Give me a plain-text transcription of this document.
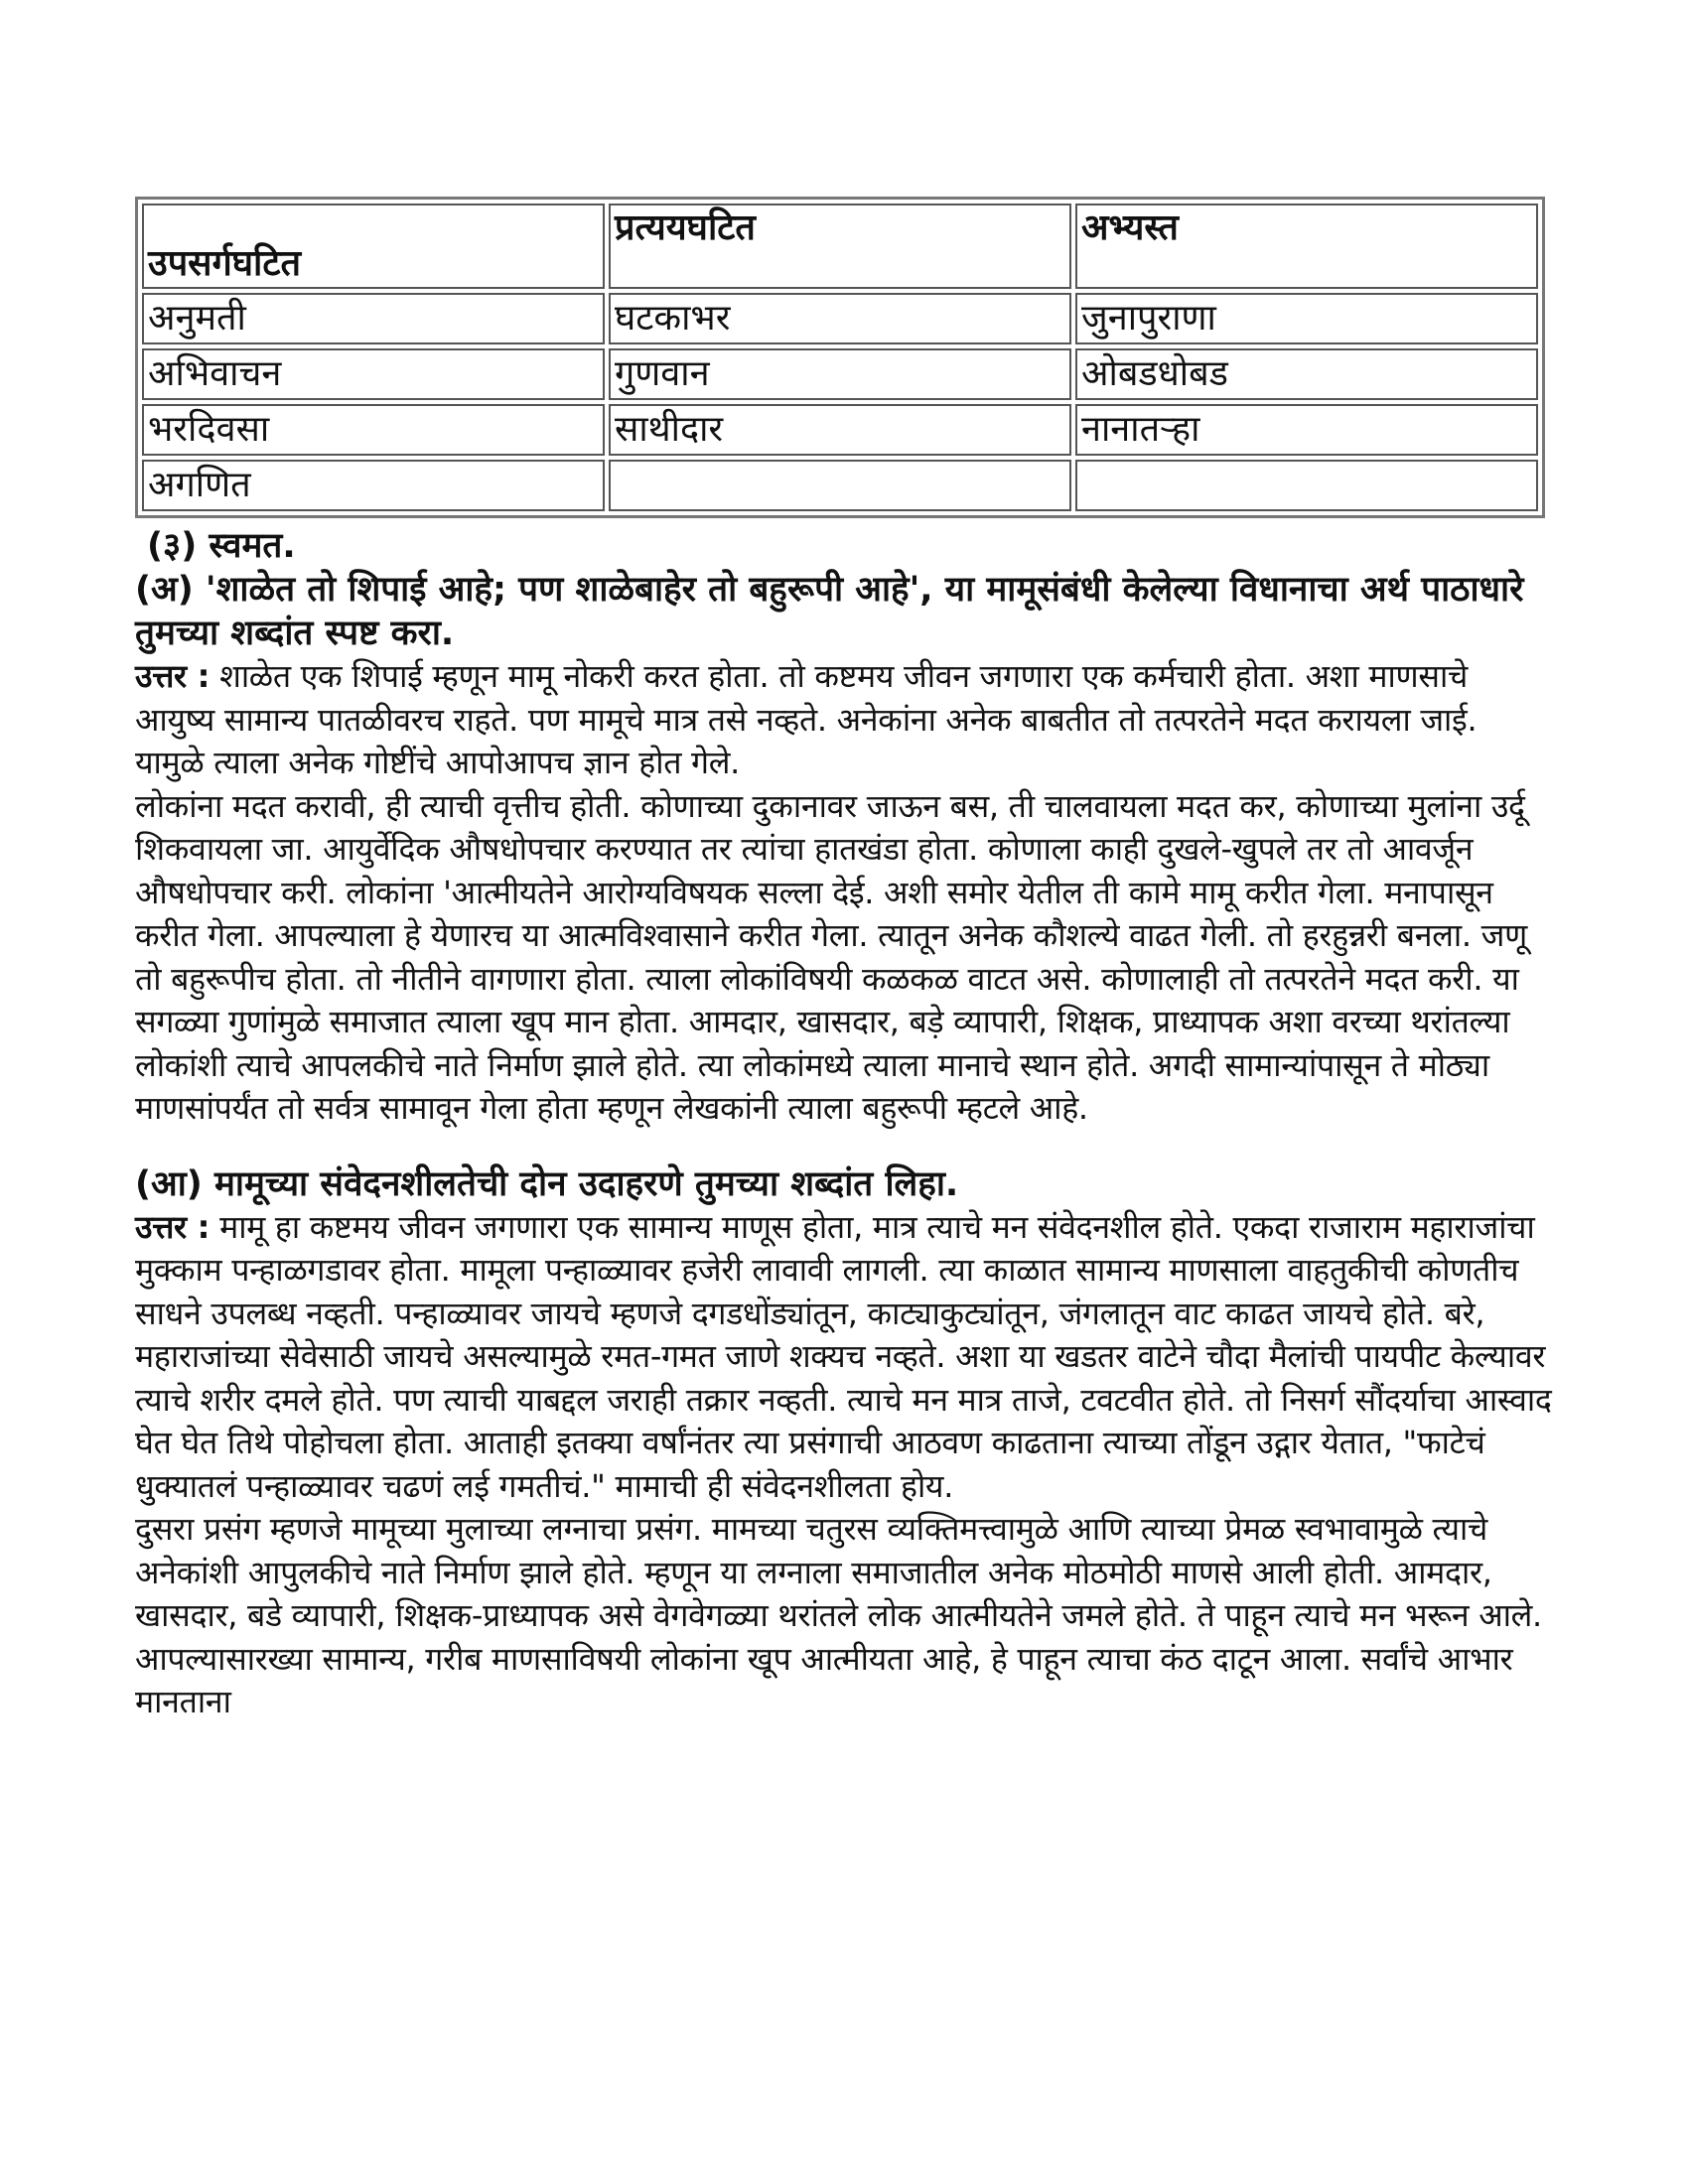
उपसर्गघटित	प्रत्ययघटित	अभ्यस्त
अनुमती	घटकाभर	जुनापुराणा
अभिवाचन	गुणवान	ओबडधोबड
भरदिवसा	साथीदार	नानातऱ्हा
अगणित		

(३) स्वमत.

(अ) 'शाळेत तो शिपाई आहे; पण शाळेबाहेर तो बहुरूपी आहे', या मामूसंबंधी केलेल्या विधानाचा अर्थ पाठाधारे तुमच्या शब्दांत स्पष्ट करा.

उत्तर : शाळेत एक शिपाई म्हणून मामू नोकरी करत होता. तो कष्टमय जीवन जगणारा एक कर्मचारी होता. अशा माणसाचे आयुष्य सामान्य पातळीवरच राहते. पण मामूचे मात्र तसे नव्हते. अनेकांना अनेक बाबतीत तो तत्परतेने मदत करायला जाई. यामुळे त्याला अनेक गोष्टींचे आपोआपच ज्ञान होत गेले.

लोकांना मदत करावी, ही त्याची वृत्तीच होती. कोणाच्या दुकानावर जाऊन बस, ती चालवायला मदत कर, कोणाच्या मुलांना उर्दू शिकवायला जा. आयुर्वेदिक औषधोपचार करण्यात तर त्यांचा हातखंडा होता. कोणाला काही दुखले-खुपले तर तो आवर्जून औषधोपचार करी. लोकांना 'आत्मीयतेने आरोग्यविषयक सल्ला देई. अशी समोर येतील ती कामे मामू करीत गेला. मनापासून करीत गेला. आपल्याला हे येणारच या आत्मविश्वासाने करीत गेला. त्यातून अनेक कौशल्ये वाढत गेली. तो हरहुन्नरी बनला. जणू तो बहुरूपीच होता. तो नीतीने वागणारा होता. त्याला लोकांविषयी कळकळ वाटत असे. कोणालाही तो तत्परतेने मदत करी. या सगळ्या गुणांमुळे समाजात त्याला खूप मान होता. आमदार, खासदार, बड़े व्यापारी, शिक्षक, प्राध्यापक अशा वरच्या थरांतल्या लोकांशी त्याचे आपलकीचे नाते निर्माण झाले होते. त्या लोकांमध्ये त्याला मानाचे स्थान होते. अगदी सामान्यांपासून ते मोठ्या माणसांपर्यंत तो सर्वत्र सामावून गेला होता म्हणून लेखकांनी त्याला बहुरूपी म्हटले आहे.

(आ) मामूच्या संवेदनशीलतेची दोन उदाहरणे तुमच्या शब्दांत लिहा.

उत्तर : मामू हा कष्टमय जीवन जगणारा एक सामान्य माणूस होता, मात्र त्याचे मन संवेदनशील होते. एकदा राजाराम महाराजांचा मुक्काम पन्हाळगडावर होता. मामूला पन्हाळ्यावर हजेरी लावावी लागली. त्या काळात सामान्य माणसाला वाहतुकीची कोणतीच साधने उपलब्ध नव्हती. पन्हाळ्यावर जायचे म्हणजे दगडधोंड्यांतून, काट्याकुट्यांतून, जंगलातून वाट काढत जायचे होते. बरे, महाराजांच्या सेवेसाठी जायचे असल्यामुळे रमत-गमत जाणे शक्यच नव्हते. अशा या खडतर वाटेने चौदा मैलांची पायपीट केल्यावर त्याचे शरीर दमले होते. पण त्याची याबद्दल जराही तक्रार नव्हती. त्याचे मन मात्र ताजे, टवटवीत होते. तो निसर्ग सौंदर्याचा आस्वाद घेत घेत तिथे पोहोचला होता. आताही इतक्या वर्षांनंतर त्या प्रसंगाची आठवण काढताना त्याच्या तोंडून उद्गार येतात, "फाटेचं धुक्यातलं पन्हाळ्यावर चढणं लई गमतीचं." मामाची ही संवेदनशीलता होय.

दुसरा प्रसंग म्हणजे मामूच्या मुलाच्या लग्नाचा प्रसंग. मामच्या चतुरस व्यक्तिमत्त्वामुळे आणि त्याच्या प्रेमळ स्वभावामुळे त्याचे अनेकांशी आपुलकीचे नाते निर्माण झाले होते. म्हणून या लग्नाला समाजातील अनेक मोठमोठी माणसे आली होती. आमदार, खासदार, बडे व्यापारी, शिक्षक-प्राध्यापक असे वेगवेगळ्या थरांतले लोक आत्मीयतेने जमले होते. ते पाहून त्याचे मन भरून आले. आपल्यासारख्या सामान्य, गरीब माणसाविषयी लोकांना खूप आत्मीयता आहे, हे पाहून त्याचा कंठ दाटून आला. सर्वांचे आभार मानताना
